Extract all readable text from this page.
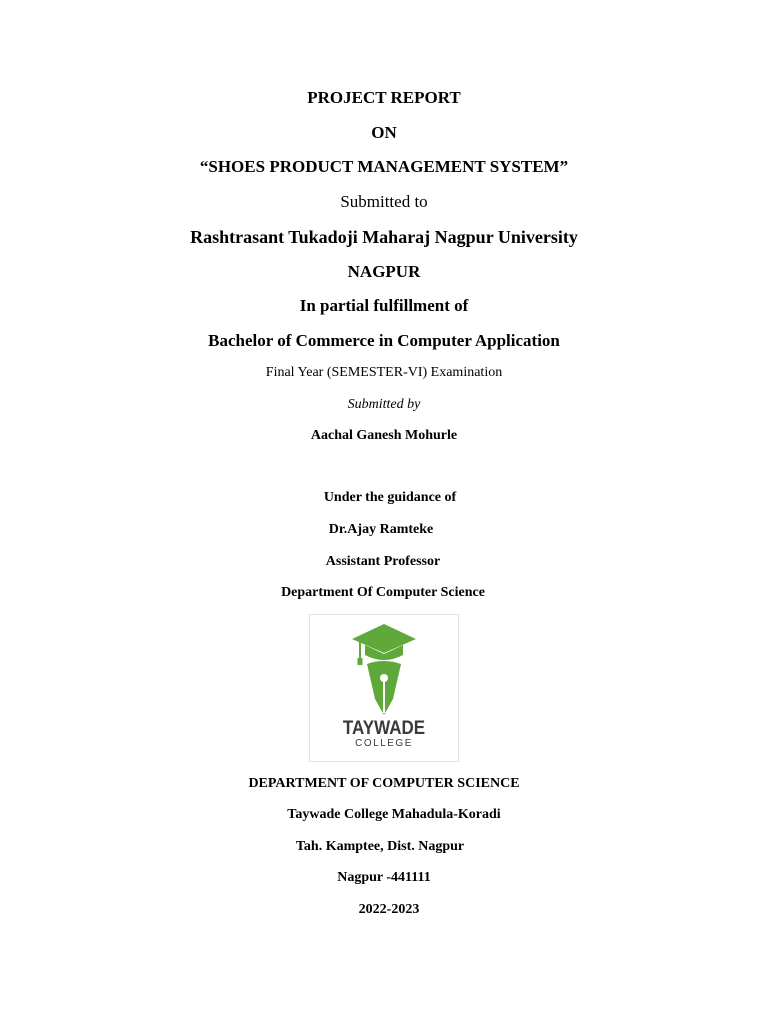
PROJECT REPORT
ON
“SHOES PRODUCT MANAGEMENT SYSTEM”
Submitted to
Rashtrasant Tukadoji Maharaj Nagpur University
NAGPUR
In partial fulfillment of
Bachelor of Commerce in Computer Application
Final Year (SEMESTER-VI) Examination
Submitted by
Aachal Ganesh Mohurle
Under the guidance of
Dr.Ajay Ramteke
Assistant Professor
Department Of Computer Science
TAYWADE
COLLEGE
DEPARTMENT OF COMPUTER SCIENCE
Taywade College Mahadula-Koradi
Tah. Kamptee, Dist. Nagpur
Nagpur -441111
2022-2023
